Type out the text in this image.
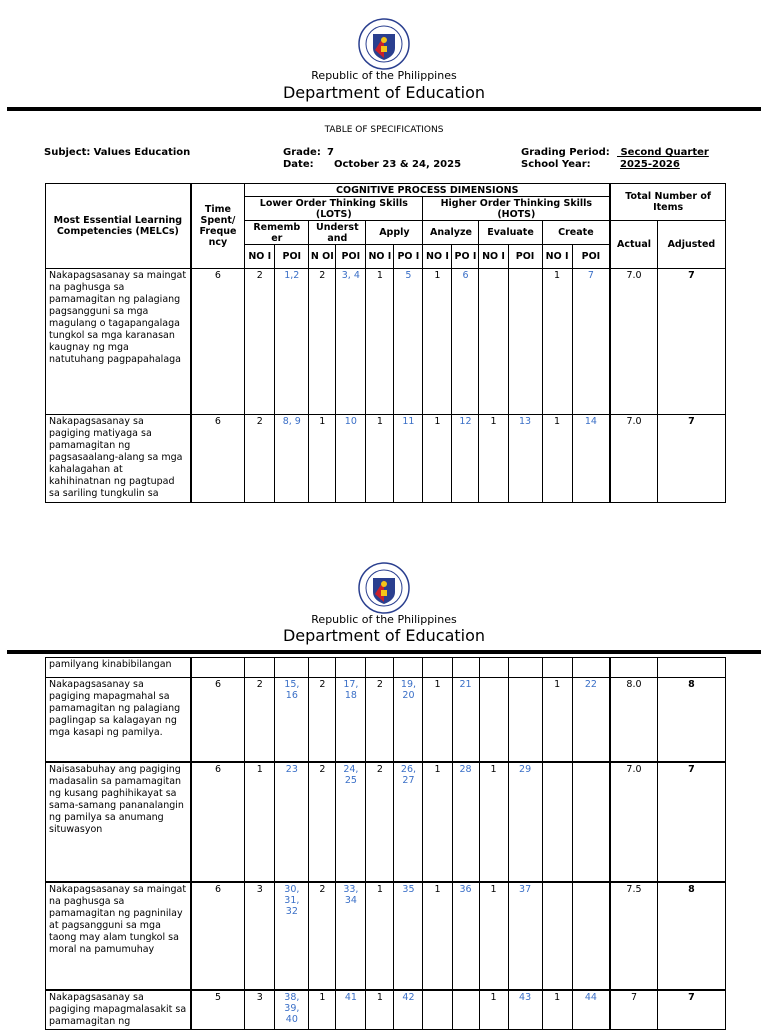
Republic of the Philippines
Department of Education
TABLE OF SPECIFICATIONS
Subject: Values Education	Grade: 7
Date: October 23 & 24, 2025
Grading Period: Second Quarter
School Year:	2025-2026
Most Essential Learning Competencies (MELCs)	Time Spent/ Freque ncy	COGNITIVE PROCESS DIMENSIONS												Total Number of Items	
		Lower Order Thinking Skills (LOTS)						Higher Order Thinking Skills (HOTS)							
		Rememb er		Underst and		Apply		Analyze		Evaluate		Create		Actual	Adjusted
		NO I	POI	N OI	POI	NO I	PO I	NO I	PO I	NO I	POI	NO I	POI		
Nakapagsasanay sa maingat na paghusga sa pamamagitan ng palagiang pagsangguni sa mga magulang o tagapangalaga tungkol sa mga karanasan kaugnay ng mga natutuhang pagpapahalaga	6	2	1,2	2	3, 4	1	5	1	6			1	7	7.0	7
Nakapagsasanay sa pagiging matiyaga sa pamamagitan ng pagsasaalang-alang sa mga kahalagahan at kahihinatnan ng pagtupad sa sariling tungkulin sa	6	2	8, 9	1	10	1	11	1	12	1	13	1	14	7.0	7
Republic of the Philippines
Department of Education
pamilyang kinabibilangan															
Nakapagsasanay sa pagiging mapagmahal sa pamamagitan ng palagiang paglingap sa kalagayan ng mga kasapi ng pamilya.	6	2	15, 16	2	17, 18	2	19, 20	1	21			1	22	8.0	8
Naisasabuhay ang pagiging madasalin sa pamamagitan ng kusang paghihikayat sa sama-samang pananalangin ng pamilya sa anumang situwasyon	6	1	23	2	24, 25	2	26, 27	1	28	1	29			7.0	7
Nakapagsasanay sa maingat na paghusga sa pamamagitan ng pagninilay at pagsangguni sa mga taong may alam tungkol sa moral na pamumuhay	6	3	30, 31, 32	2	33, 34	1	35	1	36	1	37			7.5	8
Nakapagsasanay sa pagiging mapagmalasakit sa pamamagitan ng	5	3	38, 39, 40	1	41	1	42			1	43	1	44	7	7
